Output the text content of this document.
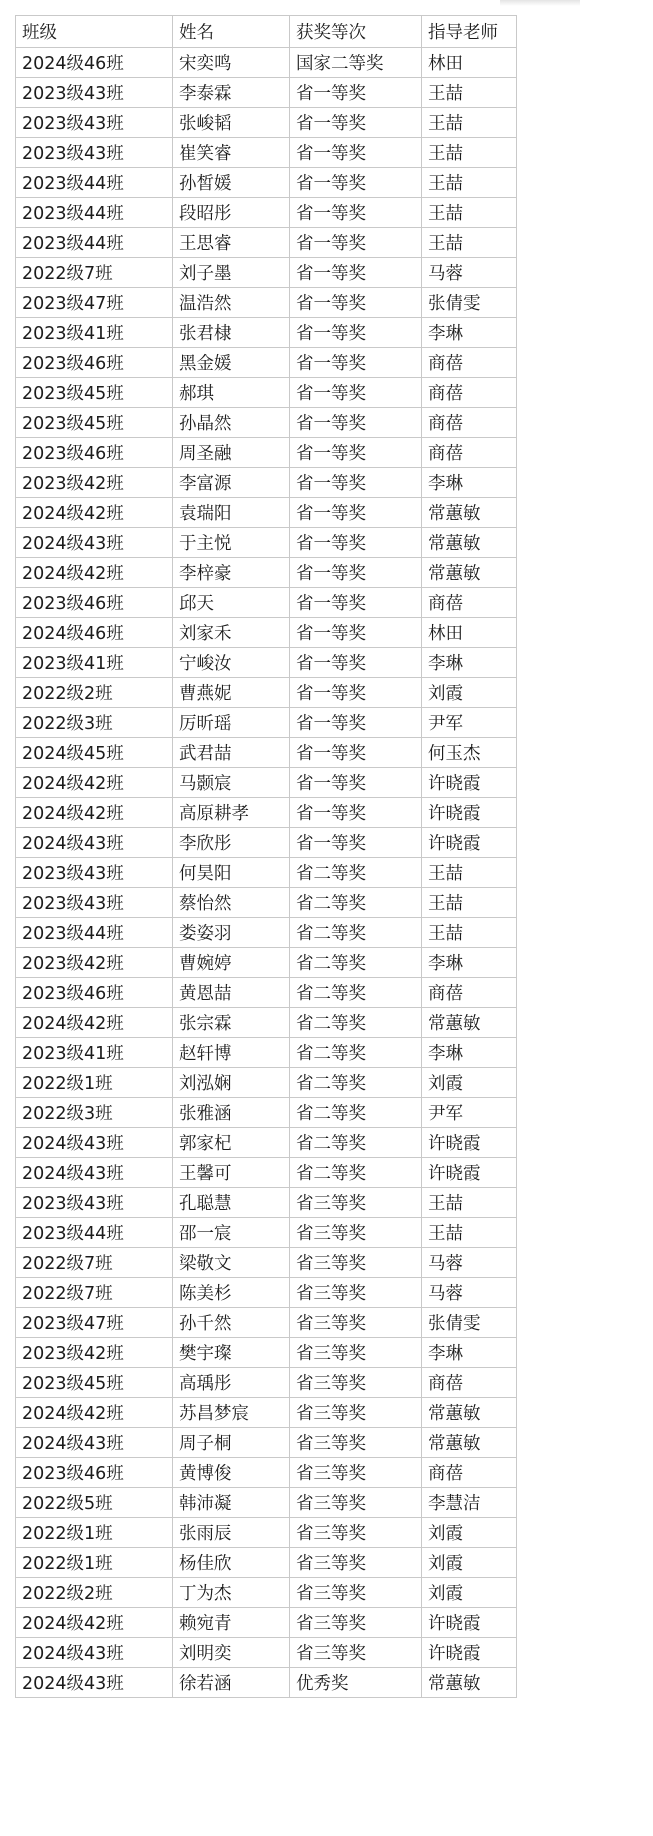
班级	姓名	获奖等次	指导老师
2024级46班	宋奕鸣	国家二等奖	林田
2023级43班	李泰霖	省一等奖	王喆
2023级43班	张峻韬	省一等奖	王喆
2023级43班	崔笑睿	省一等奖	王喆
2023级44班	孙皙媛	省一等奖	王喆
2023级44班	段昭彤	省一等奖	王喆
2023级44班	王思睿	省一等奖	王喆
2022级7班	刘子墨	省一等奖	马蓉
2023级47班	温浩然	省一等奖	张倩雯
2023级41班	张君棣	省一等奖	李琳
2023级46班	黑金媛	省一等奖	商蓓
2023级45班	郝琪	省一等奖	商蓓
2023级45班	孙晶然	省一等奖	商蓓
2023级46班	周圣融	省一等奖	商蓓
2023级42班	李富源	省一等奖	李琳
2024级42班	袁瑞阳	省一等奖	常蕙敏
2024级43班	于主悦	省一等奖	常蕙敏
2024级42班	李梓豪	省一等奖	常蕙敏
2023级46班	邱天	省一等奖	商蓓
2024级46班	刘家禾	省一等奖	林田
2023级41班	宁峻汝	省一等奖	李琳
2022级2班	曹燕妮	省一等奖	刘霞
2022级3班	厉昕瑶	省一等奖	尹军
2024级45班	武君喆	省一等奖	何玉杰
2024级42班	马颢宸	省一等奖	许晓霞
2024级42班	高原耕孝	省一等奖	许晓霞
2024级43班	李欣彤	省一等奖	许晓霞
2023级43班	何昊阳	省二等奖	王喆
2023级43班	蔡怡然	省二等奖	王喆
2023级44班	娄姿羽	省二等奖	王喆
2023级42班	曹婉婷	省二等奖	李琳
2023级46班	黄恩喆	省二等奖	商蓓
2024级42班	张宗霖	省二等奖	常蕙敏
2023级41班	赵轩博	省二等奖	李琳
2022级1班	刘泓娴	省二等奖	刘霞
2022级3班	张雅涵	省二等奖	尹军
2024级43班	郭家杞	省二等奖	许晓霞
2024级43班	王馨可	省二等奖	许晓霞
2023级43班	孔聪慧	省三等奖	王喆
2023级44班	邵一宸	省三等奖	王喆
2022级7班	梁敬文	省三等奖	马蓉
2022级7班	陈美杉	省三等奖	马蓉
2023级47班	孙千然	省三等奖	张倩雯
2023级42班	樊宇璨	省三等奖	李琳
2023级45班	高瑀彤	省三等奖	商蓓
2024级42班	苏昌梦宸	省三等奖	常蕙敏
2024级43班	周子桐	省三等奖	常蕙敏
2023级46班	黄博俊	省三等奖	商蓓
2022级5班	韩沛凝	省三等奖	李慧洁
2022级1班	张雨辰	省三等奖	刘霞
2022级1班	杨佳欣	省三等奖	刘霞
2022级2班	丁为杰	省三等奖	刘霞
2024级42班	赖宛青	省三等奖	许晓霞
2024级43班	刘明奕	省三等奖	许晓霞
2024级43班	徐若涵	优秀奖	常蕙敏
